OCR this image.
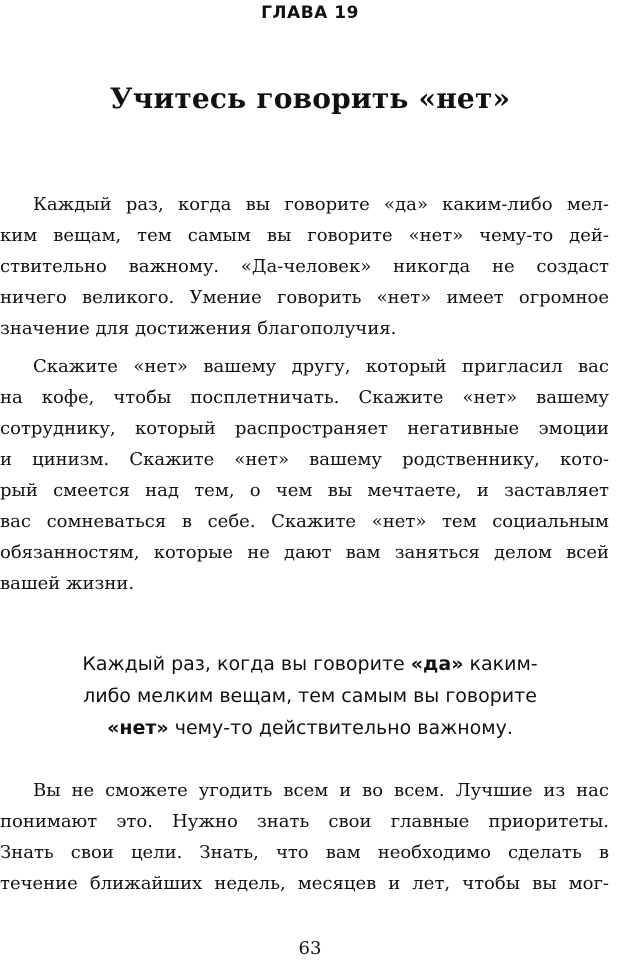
ГЛАВА 19
Учитесь говорить «нет»
Каждый раз, когда вы говорите «да» каким-либо мел-
ким вещам, тем самым вы говорите «нет» чему-то дей-
ствительно важному. «Да-человек» никогда не создаст
ничего великого. Умение говорить «нет» имеет огромное
значение для достижения благополучия.
Скажите «нет» вашему другу, который пригласил вас
на кофе, чтобы посплетничать. Скажите «нет» вашему
сотруднику, который распространяет негативные эмоции
и цинизм. Скажите «нет» вашему родственнику, кото-
рый смеется над тем, о чем вы мечтаете, и заставляет
вас сомневаться в себе. Скажите «нет» тем социальным
обязанностям, которые не дают вам заняться делом всей
вашей жизни.
Каждый раз, когда вы говорите «да» каким-
либо мелким вещам, тем самым вы говорите
«нет» чему-то действительно важному.
Вы не сможете угодить всем и во всем. Лучшие из нас
понимают это. Нужно знать свои главные приоритеты.
Знать свои цели. Знать, что вам необходимо сделать в
течение ближайших недель, месяцев и лет, чтобы вы мог-
63
